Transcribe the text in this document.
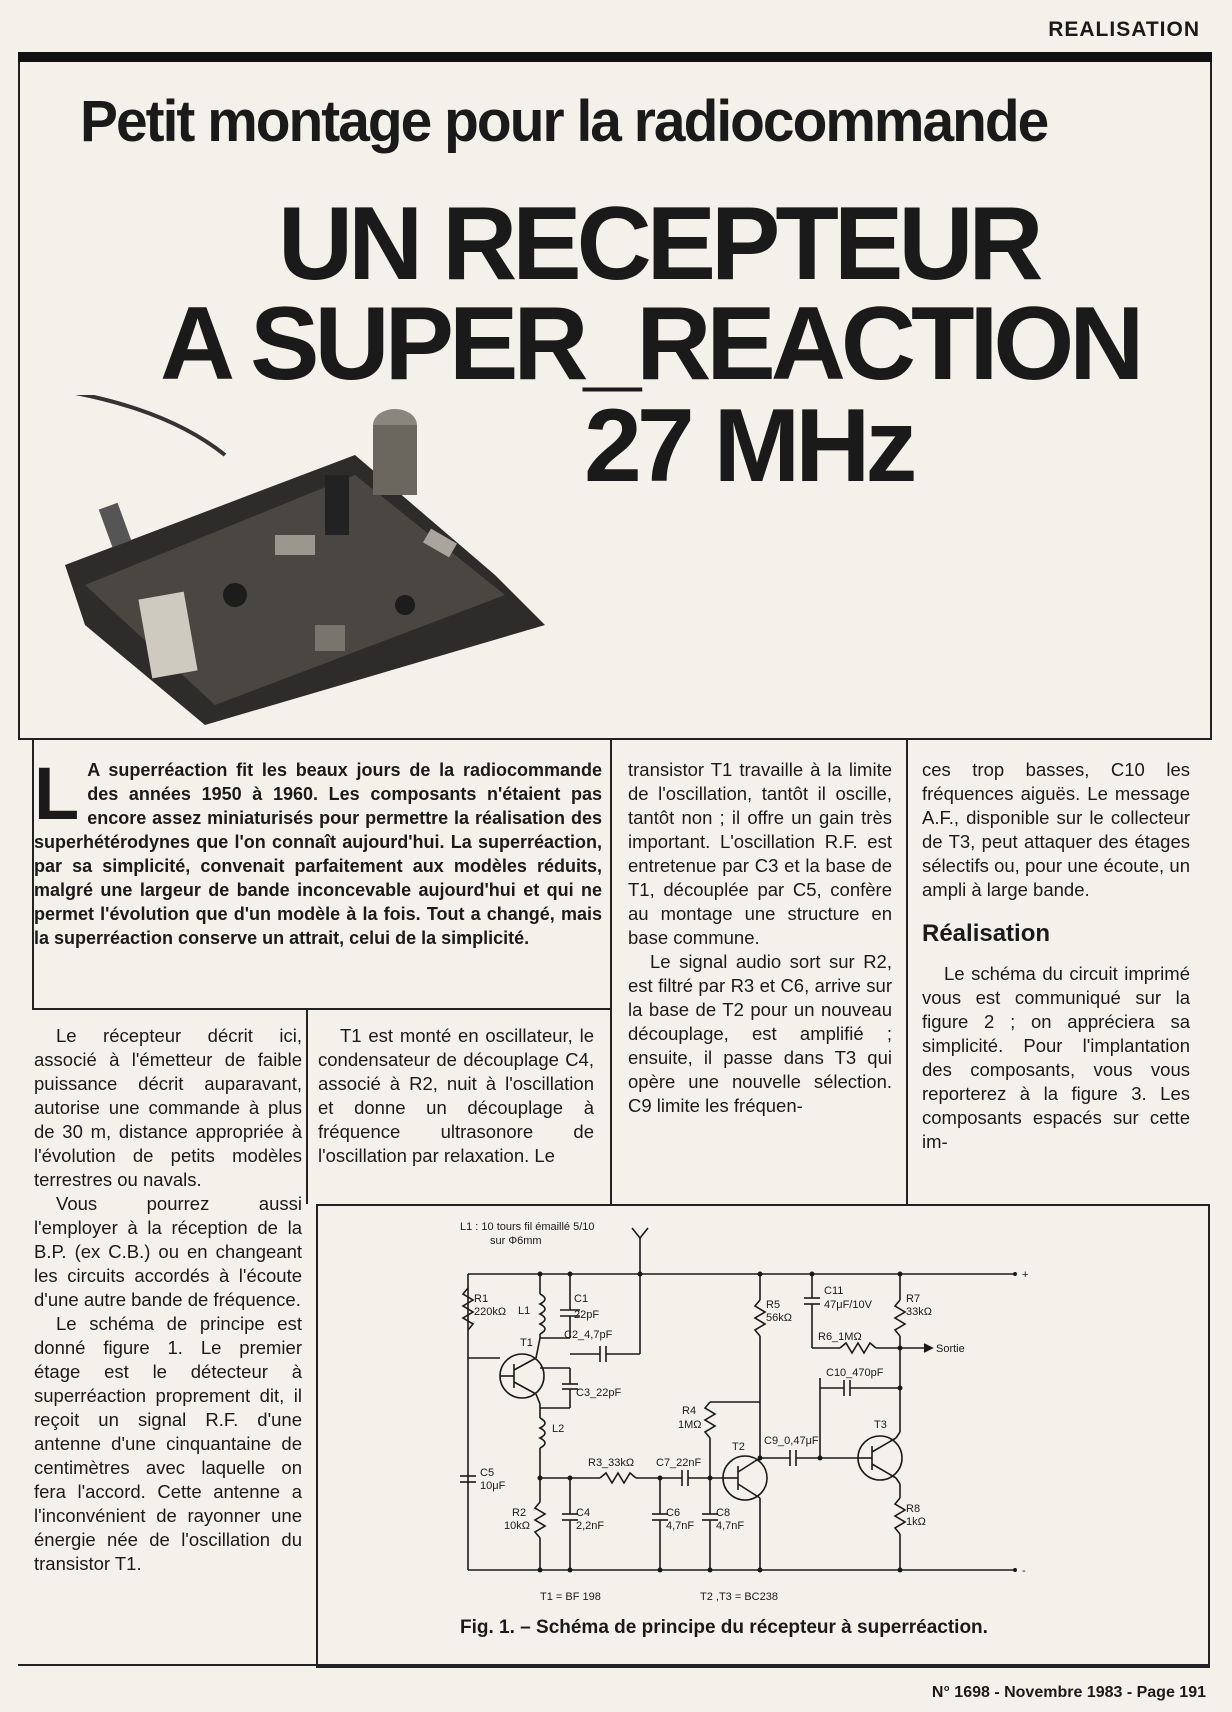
REALISATION
Petit montage pour la radiocommande
UN RECEPTEUR
A SUPER_REACTION
27 MHz
L A superréaction fit les beaux jours de la radiocommande des années 1950 à 1960. Les composants n'étaient pas encore assez miniaturisés pour permettre la réalisation des superhétérodynes que l'on connaît aujourd'hui. La superréaction, par sa simplicité, convenait parfaitement aux modèles réduits, malgré une largeur de bande inconcevable aujourd'hui et qui ne permet l'évolution que d'un modèle à la fois. Tout a changé, mais la superréaction conserve un attrait, celui de la simplicité.

Le récepteur décrit ici, associé à l'émetteur de faible puissance décrit auparavant, autorise une commande à plus de 30 m, distance appropriée à l'évolution de petits modèles terrestres ou navals.

Vous pourrez aussi l'employer à la réception de la B.P. (ex C.B.) ou en changeant les circuits accordés à l'écoute d'une autre bande de fréquence.

Le schéma de principe est donné figure 1. Le premier étage est le détecteur à superréaction proprement dit, il reçoit un signal R.F. d'une antenne d'une cinquantaine de centimètres avec laquelle on fera l'accord. Cette antenne a l'inconvénient de rayonner une énergie née de l'oscillation du transistor T1.

T1 est monté en oscillateur, le condensateur de découplage C4, associé à R2, nuit à l'oscillation et donne un découplage à fréquence ultrasonore de l'oscillation par relaxation. Le

transistor T1 travaille à la limite de l'oscillation, tantôt il oscille, tantôt non ; il offre un gain très important. L'oscillation R.F. est entretenue par C3 et la base de T1, découplée par C5, confère au montage une structure en base commune.

Le signal audio sort sur R2, est filtré par R3 et C6, arrive sur la base de T2 pour un nouveau découplage, est amplifié ; ensuite, il passe dans T3 qui opère une nouvelle sélection. C9 limite les fréquen-

ces trop basses, C10 les fréquences aiguës. Le message A.F., disponible sur le collecteur de T3, peut attaquer des étages sélectifs ou, pour une écoute, un ampli à large bande.

Réalisation

Le schéma du circuit imprimé vous est communiqué sur la figure 2 ; on appréciera sa simplicité. Pour l'implantation des composants, vous vous reporterez à la figure 3. Les composants espacés sur cette im-

L1 : 10 tours fil émaillé 5/10
sur Φ6mm
R1
220kΩ L1
T1
C1
22pF
C2_4,7pF
C3_22pF
L2
C5
10μF
R2
10kΩ
C4
2,2nF
R3_33kΩ C7_22nF
C6
4,7nF
C8
4,7nF
R4
1MΩ
T2
R5
56kΩ
C11
47μF/10V
R6_1MΩ
R7
33kΩ
C10_470pF
C9_0,47μF
T3
R8
1kΩ
Sortie
+
-
T1 = BF 198	T2 ,T3 = BC238
Fig. 1. – Schéma de principe du récepteur à superréaction.
N° 1698 - Novembre 1983 - Page 191
